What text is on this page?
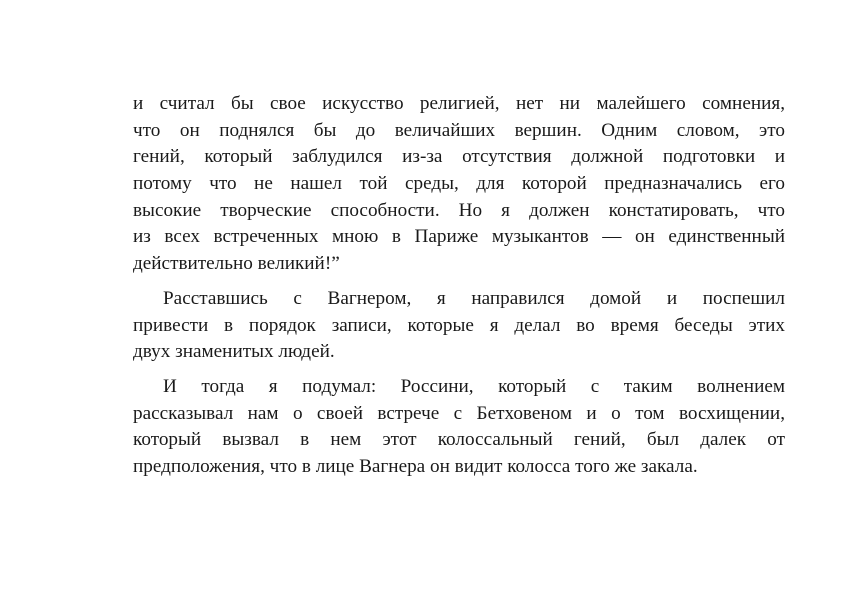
и считал бы свое искусство религией, нет ни малейшего сомнения,
что он поднялся бы до величайших вершин. Одним словом, это
гений, который заблудился из-за отсутствия должной подготовки и
потому что не нашел той среды, для которой предназначались его
высокие творческие способности. Но я должен констатировать, что
из всех встреченных мною в Париже музыкантов — он единственный
действительно великий!”
Расставшись с Вагнером, я направился домой и поспешил
привести в порядок записи, которые я делал во время беседы этих
двух знаменитых людей.
И тогда я подумал: Россини, который с таким волнением
рассказывал нам о своей встрече с Бетховеном и о том восхищении,
который вызвал в нем этот колоссальный гений, был далек от
предположения, что в лице Вагнера он видит колосса того же закала.
